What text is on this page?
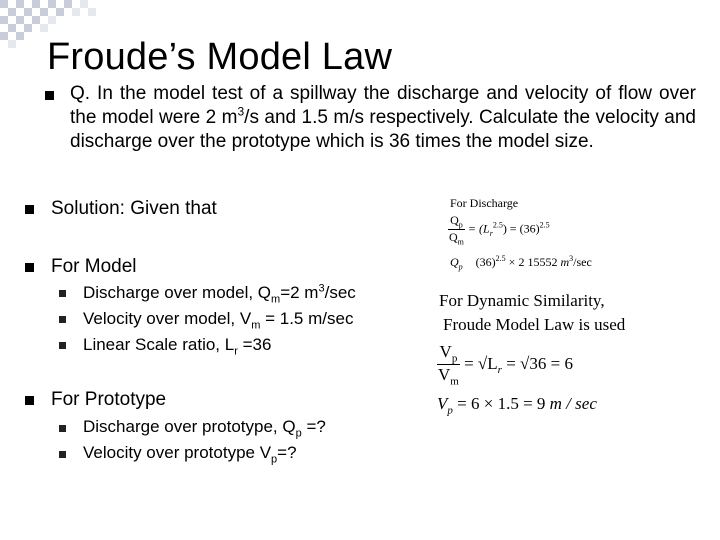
Froude’s Model Law
Q. In the model test of a spillway the discharge and velocity of flow over the model were 2 $m^3/s$ and 1.5 m/s respectively. Calculate the velocity and discharge over the prototype which is 36 times the model size.
Solution: Given that
For Model
Discharge over model, $Q_m=2$ $m^3/\sec$
Velocity over model, $V_m = 1.5$ m/sec
Linear Scale ratio, $L_r =36$
For Prototype
Discharge over prototype, $Q_p$ =?
Velocity over prototype $V_p=$?
For Discharge
$\frac{Q_p}{Q_m} = (L_r^{2.5}) = (36)^{2.5}$
$Q_p$ $(36)^{2.5} \times 2$ 15552 $m^3/\sec$
For Dynamic Similarity,
Froude Model Law is used
$\frac{V_p}{V_m} = √L_r = √36 = 6$
$V_p = 6 \times 1.5 = 9$ m / sec
